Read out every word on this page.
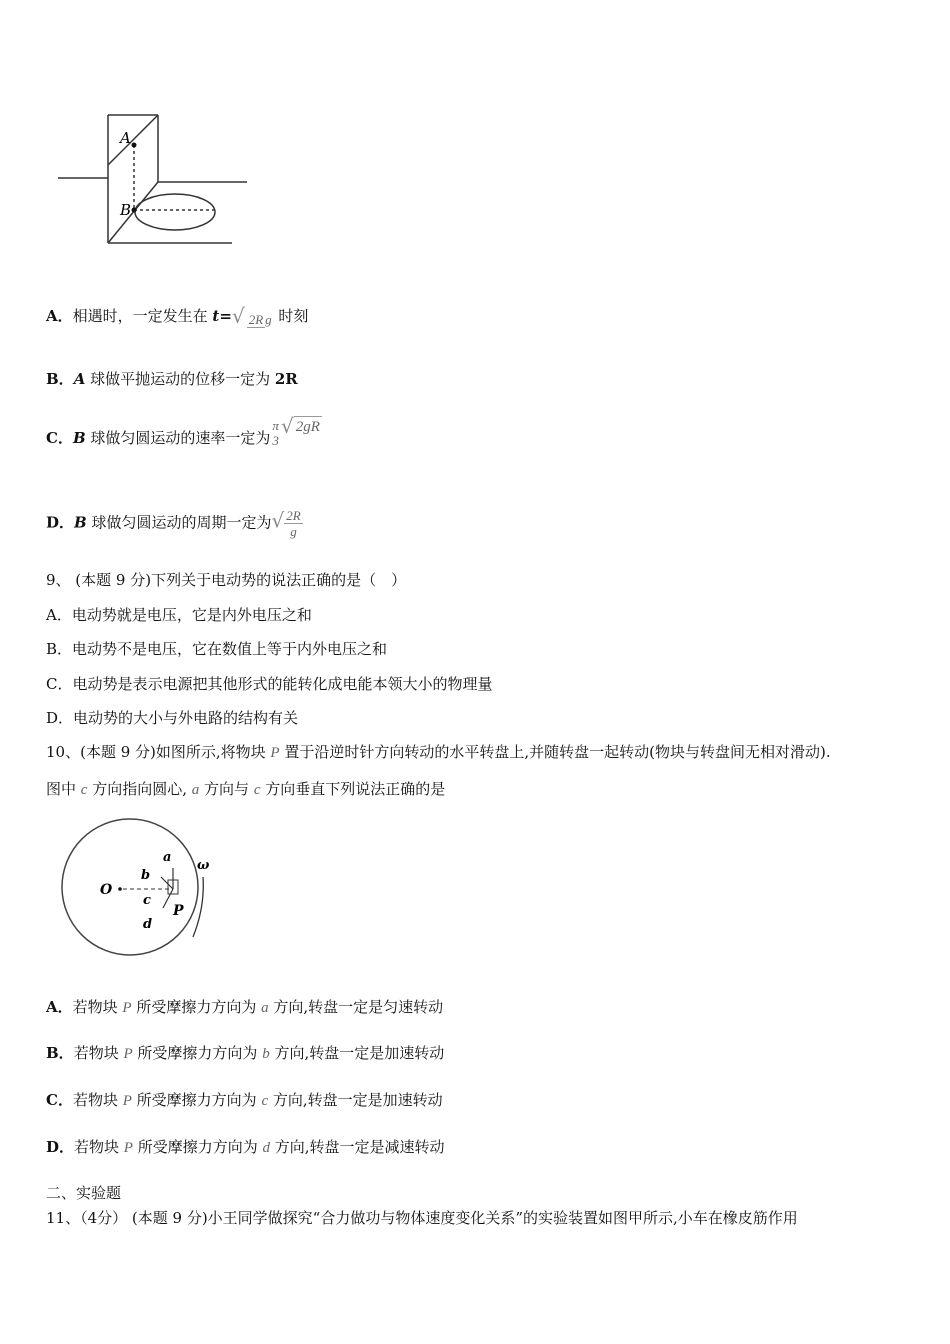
A
B
A．相遇时，一定发生在 t=√ 2R g 时刻
B．A 球做平抛运动的位移一定为 2R
C．B 球做匀圆运动的速率一定为
π
3
√ 2gR
D．B 球做匀圆运动的周期一定为√ $\frac{2R}{g}$
9、 (本题 9 分)下列关于电动势的说法正确的是（　）
A．电动势就是电压，它是内外电压之和
B．电动势不是电压，它在数值上等于内外电压之和
C．电动势是表示电源把其他形式的能转化成电能本领大小的物理量
D．电动势的大小与外电路的结构有关
10、(本题 9 分)如图所示,将物块 P 置于沿逆时针方向转动的水平转盘上,并随转盘一起转动(物块与转盘间无相对滑动).
图中 c 方向指向圆心, a 方向与 c 方向垂直下列说法正确的是
O
a
b
c
d
P
ω
A．若物块 P 所受摩擦力方向为 a 方向,转盘一定是匀速转动
B．若物块 P 所受摩擦力方向为 b 方向,转盘一定是加速转动
C．若物块 P 所受摩擦力方向为 c 方向,转盘一定是加速转动
D．若物块 P 所受摩擦力方向为 d 方向,转盘一定是减速转动
二、实验题
11、（4分） (本题 9 分)小王同学做探究“合力做功与物体速度变化关系”的实验装置如图甲所示,小车在橡皮筋作用
